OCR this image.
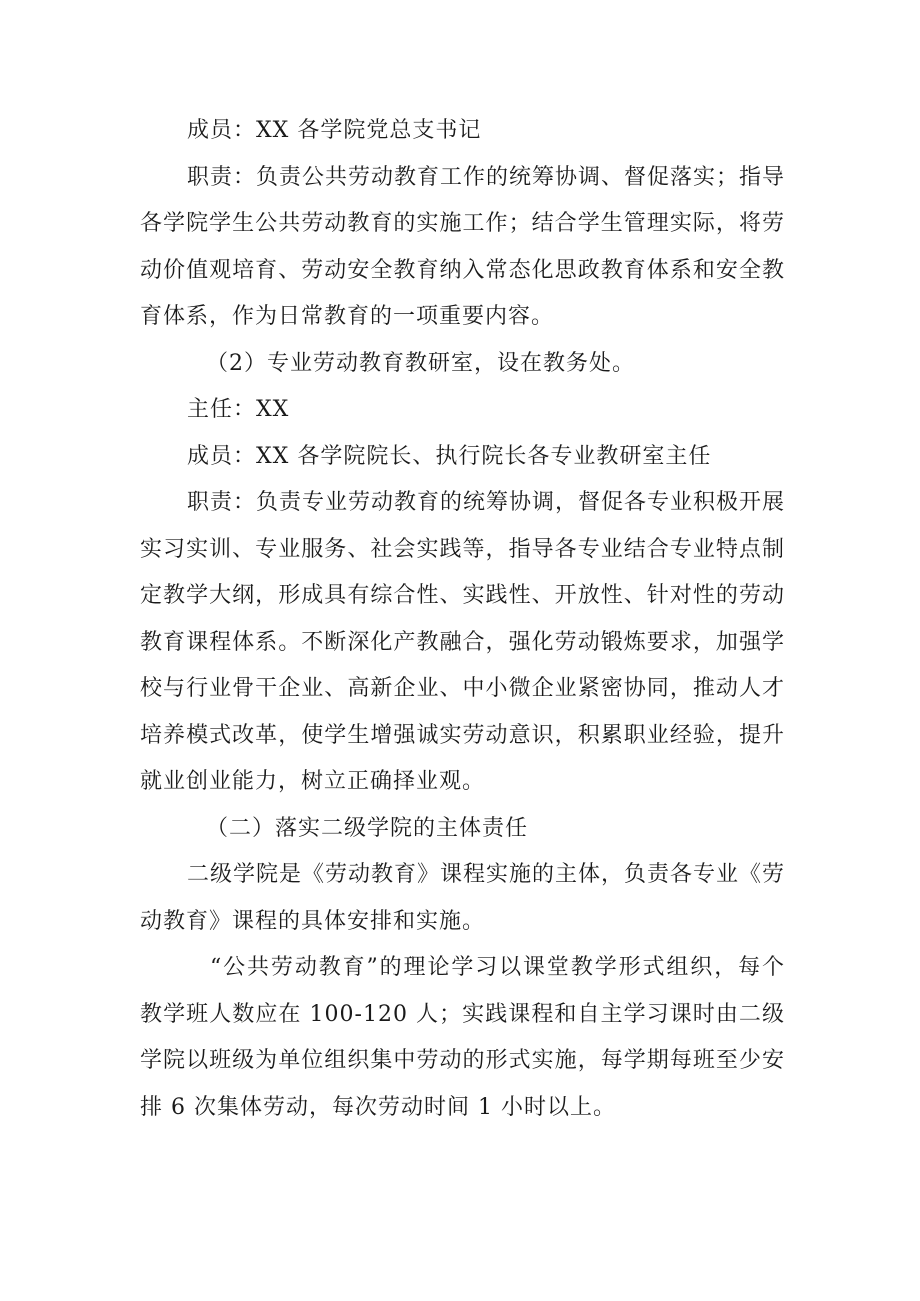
成员：XX 各学院党总支书记

职责：负责公共劳动教育工作的统筹协调、督促落实；指导各学院学生公共劳动教育的实施工作；结合学生管理实际，将劳动价值观培育、劳动安全教育纳入常态化思政教育体系和安全教育体系，作为日常教育的一项重要内容。

（2）专业劳动教育教研室，设在教务处。

主任：XX

成员：XX 各学院院长、执行院长各专业教研室主任

职责：负责专业劳动教育的统筹协调，督促各专业积极开展实习实训、专业服务、社会实践等，指导各专业结合专业特点制定教学大纲，形成具有综合性、实践性、开放性、针对性的劳动教育课程体系。不断深化产教融合，强化劳动锻炼要求，加强学校与行业骨干企业、高新企业、中小微企业紧密协同，推动人才培养模式改革，使学生增强诚实劳动意识，积累职业经验，提升就业创业能力，树立正确择业观。

（二）落实二级学院的主体责任

二级学院是《劳动教育》课程实施的主体，负责各专业《劳动教育》课程的具体安排和实施。

“公共劳动教育”的理论学习以课堂教学形式组织，每个教学班人数应在 100-120 人；实践课程和自主学习课时由二级学院以班级为单位组织集中劳动的形式实施，每学期每班至少安排 6 次集体劳动，每次劳动时间 1 小时以上。
